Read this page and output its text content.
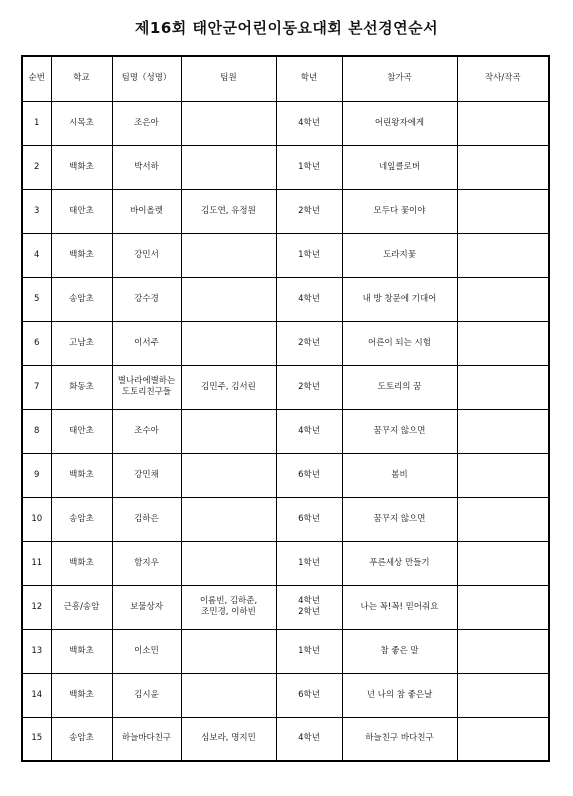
제16회 태안군어린이동요대회 본선경연순서
순번	학교	팀명（성명）	팀원	학년	참가곡	작사/작곡
1	시목초	조은아		4학년	어린왕자에게	
2	백화초	박서하		1학년	네잎클로버	
3	태안초	바이올렛	김도연, 유정원	2학년	모두다 꽃이야	
4	백화초	강민서		1학년	도라지꽃	
5	송암초	강수경		4학년	내 방 창문에 기대어	
6	고남초	이서주		2학년	어른이 되는 시험	
7	화동초	별나라에별하는
도토리친구들	김민주, 김서린	2학년	도토리의 꿈	
8	태안초	조수아		4학년	꿈꾸지 않으면	
9	백화초	강민채		6학년	봄비	
10	송암초	김하은		6학년	꿈꾸지 않으면	
11	백화초	함지우		1학년	푸른세상 만들기	
12	근흥/송암	보물상자	이롬빈, 김하준,
조민경, 이하빈	4학년
2학년	나는 꼭!꼭! 믿어줘요	
13	백화초	이소민		1학년	참 좋은 말	
14	백화초	김시윤		6학년	넌 나의 참 좋은날	
15	송암초	하늘바다친구	심보라, 명지민	4학년	하늘친구 바다친구	
